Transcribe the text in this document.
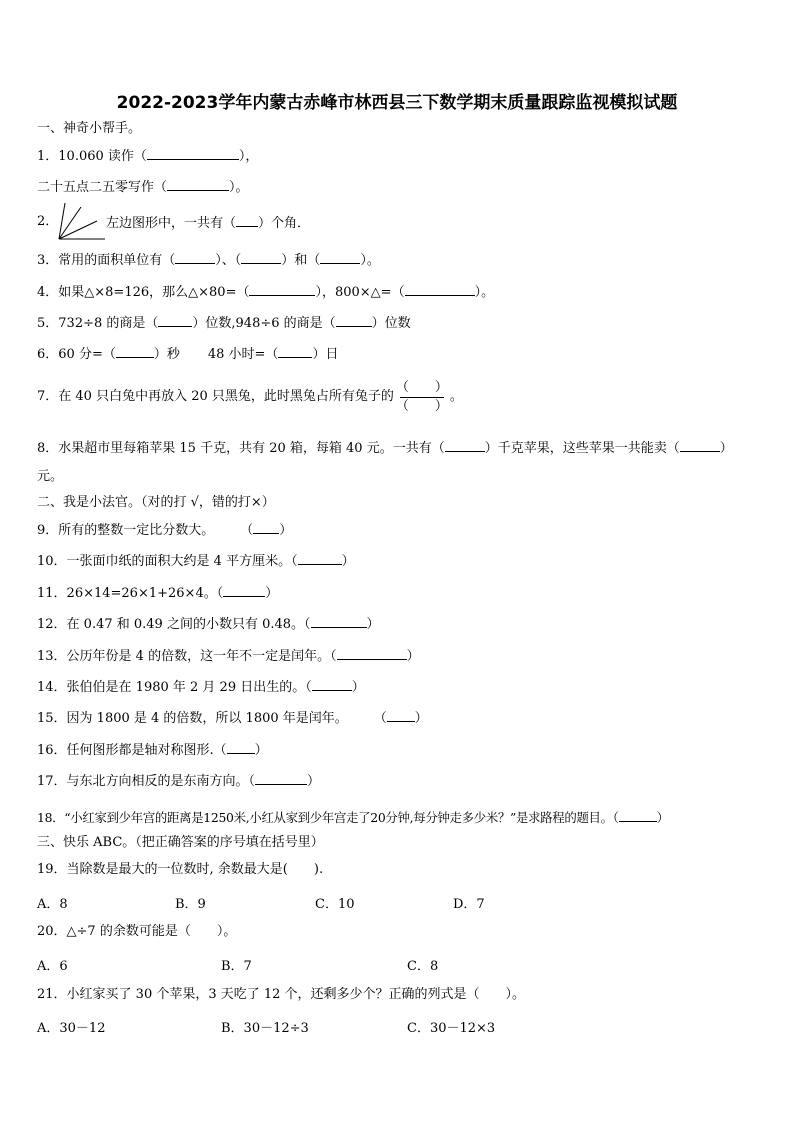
2022-2023学年内蒙古赤峰市林西县三下数学期末质量跟踪监视模拟试题
一、神奇小帮手。
1．10.060 读作（	），
二十五点二五零写作（	）。
2．	左边图形中，一共有（ ）个角．
3．常用的面积单位有（	）、（	）和（	）。
4．如果△×8=126，那么△×80=（	），800×△=（	）。
5．732÷8 的商是（	）位数,948÷6 的商是（	）位数
6．60 分=（	）秒 48 小时=（	）日
7．在 40 只白兔中再放入 20 只黑兔，此时黑兔占所有兔子的 $\frac{( )}{( )}$ 。
8．水果超市里每箱苹果 15 千克，共有 20 箱，每箱 40 元。一共有（	）千克苹果，这些苹果一共能卖（	）
元。
二、我是小法官。（对的打 √，错的打×）
9．所有的整数一定比分数大。 （ ）
10．一张面巾纸的面积大约是 4 平方厘米。（	）
11．26×14=26×1+26×4。（	）
12．在 0.47 和 0.49 之间的小数只有 0.48。（	）
13．公历年份是 4 的倍数，这一年不一定是闰年。（	）
14．张伯伯是在 1980 年 2 月 29 日出生的。（	）
15．因为 1800 是 4 的倍数，所以 1800 年是闰年。 （ ）
16．任何图形都是轴对称图形.（ ）
17．与东北方向相反的是东南方向。（	）
18．“小红家到少年宫的距离是1250米,小红从家到少年宫走了20分钟,每分钟走多少米？”是求路程的题目。（	）
三、快乐 ABC。（把正确答案的序号填在括号里）
19．当除数是最大的一位数时, 余数最大是(　　).
A．8	B．9	C．10	D．7
20．△÷7 的余数可能是（　　）。
A．6	B．7	C．8
21．小红家买了 30 个苹果，3 天吃了 12 个，还剩多少个？正确的列式是（　　）。
A．30－12	B．30－12÷3	C．30－12×3
